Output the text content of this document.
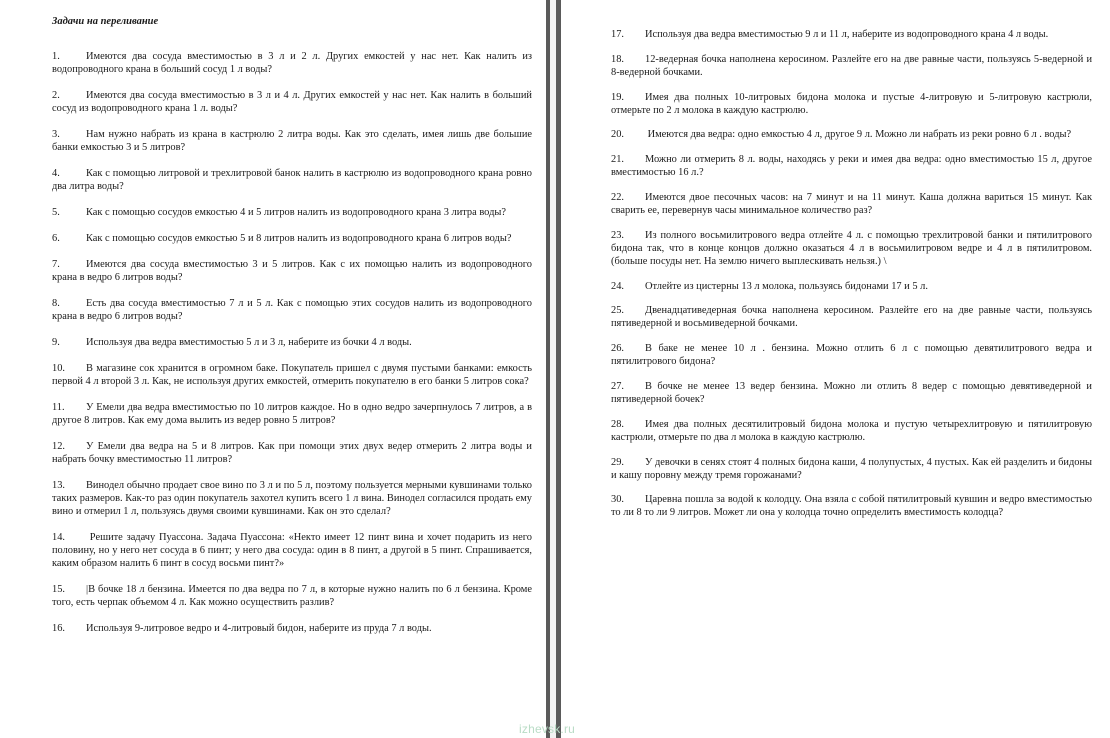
Задачи на переливание
1.	Имеются два сосуда вместимостью в 3 л и 2 л. Других емкостей у нас нет. Как налить из водопроводного крана в больший сосуд 1 л воды?
2.	Имеются два сосуда вместимостью в 3 л и 4 л. Других емкостей у нас нет. Как налить в больший сосуд из водопроводного крана 1 л. воды?
3.	Нам нужно набрать из крана в кастрюлю 2 литра воды. Как это сделать, имея лишь две большие банки емкостью 3 и 5 литров?
4.	Как с помощью литровой и трехлитровой банок налить в кастрюлю из водопроводного крана ровно два литра воды?
5.	Как с помощью сосудов емкостью 4 и 5 литров налить из водопроводного крана 3 литра воды?
6.	Как с помощью сосудов емкостью 5 и 8 литров налить из водопроводного крана 6 литров воды?
7.	Имеются два сосуда вместимостью 3 и 5 литров. Как с их помощью налить из водопроводного крана в ведро 6 литров воды?
8.	Есть два сосуда вместимостью 7 л и 5 л. Как с помощью этих сосудов налить из водопроводного крана в ведро 6 литров воды?
9.	Используя два ведра вместимостью 5 л и 3 л, наберите из бочки 4 л воды.
10. В магазине сок хранится в огромном баке. Покупатель пришел с двумя пустыми банками: емкость первой 4 л второй 3 л. Как, не используя других емкостей, отмерить покупателю в его банки 5 литров сока?
11. У Емели два ведра вместимостью по 10 литров каждое. Но в одно ведро зачерпнулось 7 литров, а в другое 8 литров. Как ему дома вылить из ведер ровно 5 литров?
12. У Емели два ведра на 5 и 8 литров. Как при помощи этих двух ведер отмерить 2 литра воды и набрать бочку вместимостью 11 литров?
13. Винодел обычно продает свое вино по 3 л и по 5 л, поэтому пользуется мерными кувшинами только таких размеров. Как-то раз один покупатель захотел купить всего 1 л вина. Винодел согласился продать ему вино и отмерил 1 л, пользуясь двумя своими кувшинами. Как он это сделал?
14. Решите задачу Пуассона. Задача Пуассона: «Некто имеет 12 пинт вина и хочет подарить из него половину, но у него нет сосуда в 6 пинт; у него два сосуда: один в 8 пинт, а другой в 5 пинт. Спрашивается, каким образом налить 6 пинт в сосуд восьми пинт?»
15. |В бочке 18 л бензина. Имеется по два ведра по 7 л, в которые нужно налить по 6 л бензина. Кроме того, есть черпак объемом 4 л. Как можно осуществить разлив?
16. Используя 9-литровое ведро и 4-литровый бидон, наберите из пруда 7 л воды.
17. Используя два ведра вместимостью 9 л и 11 л, наберите из водопроводного крана 4 л воды.
18. 12-ведерная бочка наполнена керосином. Разлейте его на две равные части, пользуясь 5-ведерной и 8-ведерной бочками.
19. Имея два полных 10-литровых бидона молока и пустые 4-литровую и 5-литровую кастрюли, отмерьте по 2 л молока в каждую кастрюлю.
20. Имеются два ведра: одно емкостью 4 л, другое 9 л. Можно ли набрать из реки ровно 6 л . воды?
21. Можно ли отмерить 8 л. воды, находясь у реки и имея два ведра: одно вместимостью 15 л, другое вместимостью 16 л.?
22. Имеются двое песочных часов: на 7 минут и на 11 минут. Каша должна вариться 15 минут. Как сварить ее, перевернув часы минимальное количество раз?
23. Из полного восьмилитрового ведра отлейте 4 л. с помощью трехлитровой банки и пятилитрового бидона так, что в конце концов должно оказаться 4 л в восьмилитровом ведре и 4 л в пятилитровом. (больше посуды нет. На землю ничего выплескивать нельзя.) \
24. Отлейте из цистерны 13 л молока, пользуясь бидонами 17 и 5 л.
25. Двенадцативедерная бочка наполнена керосином. Разлейте его на две равные части, пользуясь пятиведерной и восьмиведерной бочками.
26. В баке не менее 10 л . бензина. Можно отлить 6 л с помощью девятилитрового ведра и пятилитрового бидона?
27. В бочке не менее 13 ведер бензина. Можно ли отлить 8 ведер с помощью девятиведерной и пятиведерной бочек?
28. Имея два полных десятилитровый бидона молока и пустую четырехлитровую и пятилитровую кастрюли, отмерьте по два л молока в каждую кастрюлю.
29. У девочки в сенях стоят 4 полных бидона каши, 4 полупустых, 4 пустых. Как ей разделить и бидоны и кашу поровну между тремя горожанами?
30. Царевна пошла за водой к колодцу. Она взяла с собой пятилитровый кувшин и ведро вместимостью то ли 8 то ли 9 литров. Может ли она у колодца точно определить вместимость колодца?
izhevsk.ru
